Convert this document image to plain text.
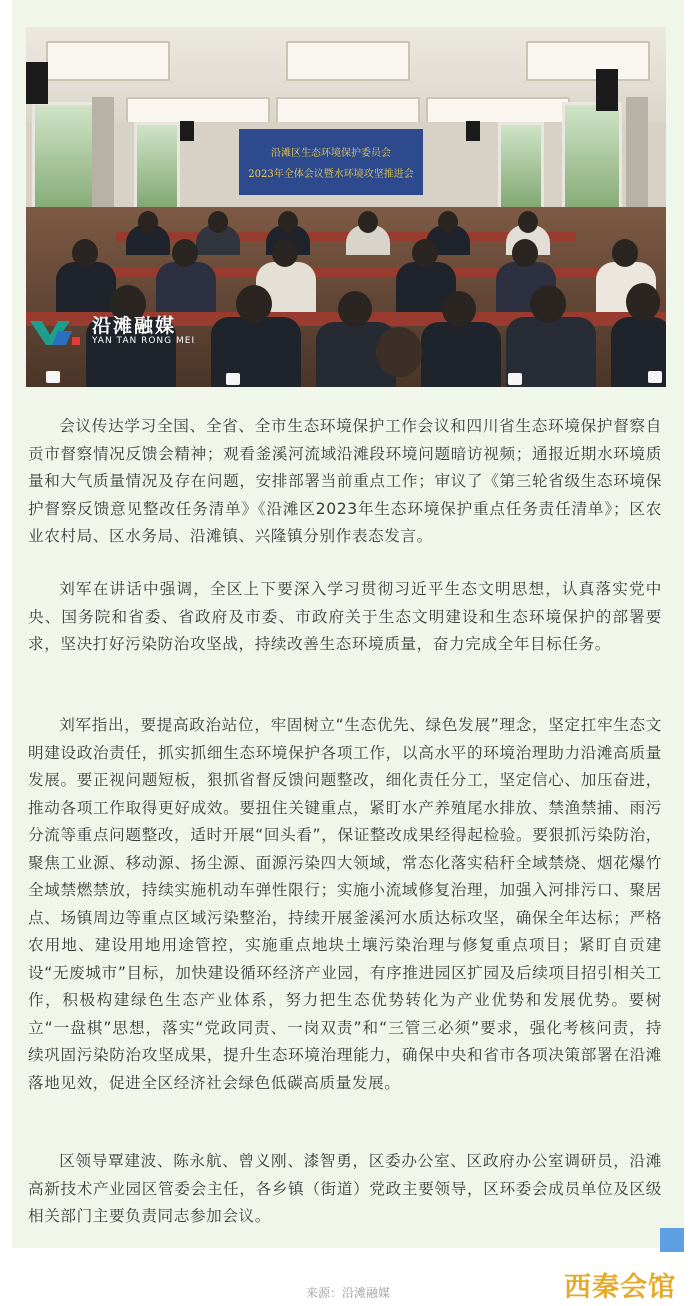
沿滩区生态环境保护委员会
2023年全体会议暨水环境攻坚推进会
沿滩融媒
YAN TAN RONG MEI

会议传达学习全国、全省、全市生态环境保护工作会议和四川省生态环境保护督察自贡市督察情况反馈会精神；观看釜溪河流域沿滩段环境问题暗访视频；通报近期水环境质量和大气质量情况及存在问题，安排部署当前重点工作；审议了《第三轮省级生态环境保护督察反馈意见整改任务清单》《沿滩区2023年生态环境保护重点任务责任清单》；区农业农村局、区水务局、沿滩镇、兴隆镇分别作表态发言。

刘军在讲话中强调，全区上下要深入学习贯彻习近平生态文明思想，认真落实党中央、国务院和省委、省政府及市委、市政府关于生态文明建设和生态环境保护的部署要求，坚决打好污染防治攻坚战，持续改善生态环境质量，奋力完成全年目标任务。

刘军指出，要提高政治站位，牢固树立“生态优先、绿色发展”理念，坚定扛牢生态文明建设政治责任，抓实抓细生态环境保护各项工作，以高水平的环境治理助力沿滩高质量发展。要正视问题短板，狠抓省督反馈问题整改，细化责任分工，坚定信心、加压奋进，推动各项工作取得更好成效。要扭住关键重点，紧盯水产养殖尾水排放、禁渔禁捕、雨污分流等重点问题整改，适时开展“回头看”，保证整改成果经得起检验。要狠抓污染防治，聚焦工业源、移动源、扬尘源、面源污染四大领域，常态化落实秸秆全域禁烧、烟花爆竹全域禁燃禁放，持续实施机动车弹性限行；实施小流域修复治理，加强入河排污口、聚居点、场镇周边等重点区域污染整治，持续开展釜溪河水质达标攻坚，确保全年达标；严格农用地、建设用地用途管控，实施重点地块土壤污染治理与修复重点项目；紧盯自贡建设“无废城市”目标，加快建设循环经济产业园，有序推进园区扩园及后续项目招引相关工作，积极构建绿色生态产业体系，努力把生态优势转化为产业优势和发展优势。要树立“一盘棋”思想，落实“党政同责、一岗双责”和“三管三必须”要求，强化考核问责，持续巩固污染防治攻坚成果，提升生态环境治理能力，确保中央和省市各项决策部署在沿滩落地见效，促进全区经济社会绿色低碳高质量发展。

区领导覃建波、陈永航、曾义刚、漆智勇，区委办公室、区政府办公室调研员，沿滩高新技术产业园区管委会主任，各乡镇（街道）党政主要领导，区环委会成员单位及区级相关部门主要负责同志参加会议。

来源：沿滩融媒	西秦会馆
